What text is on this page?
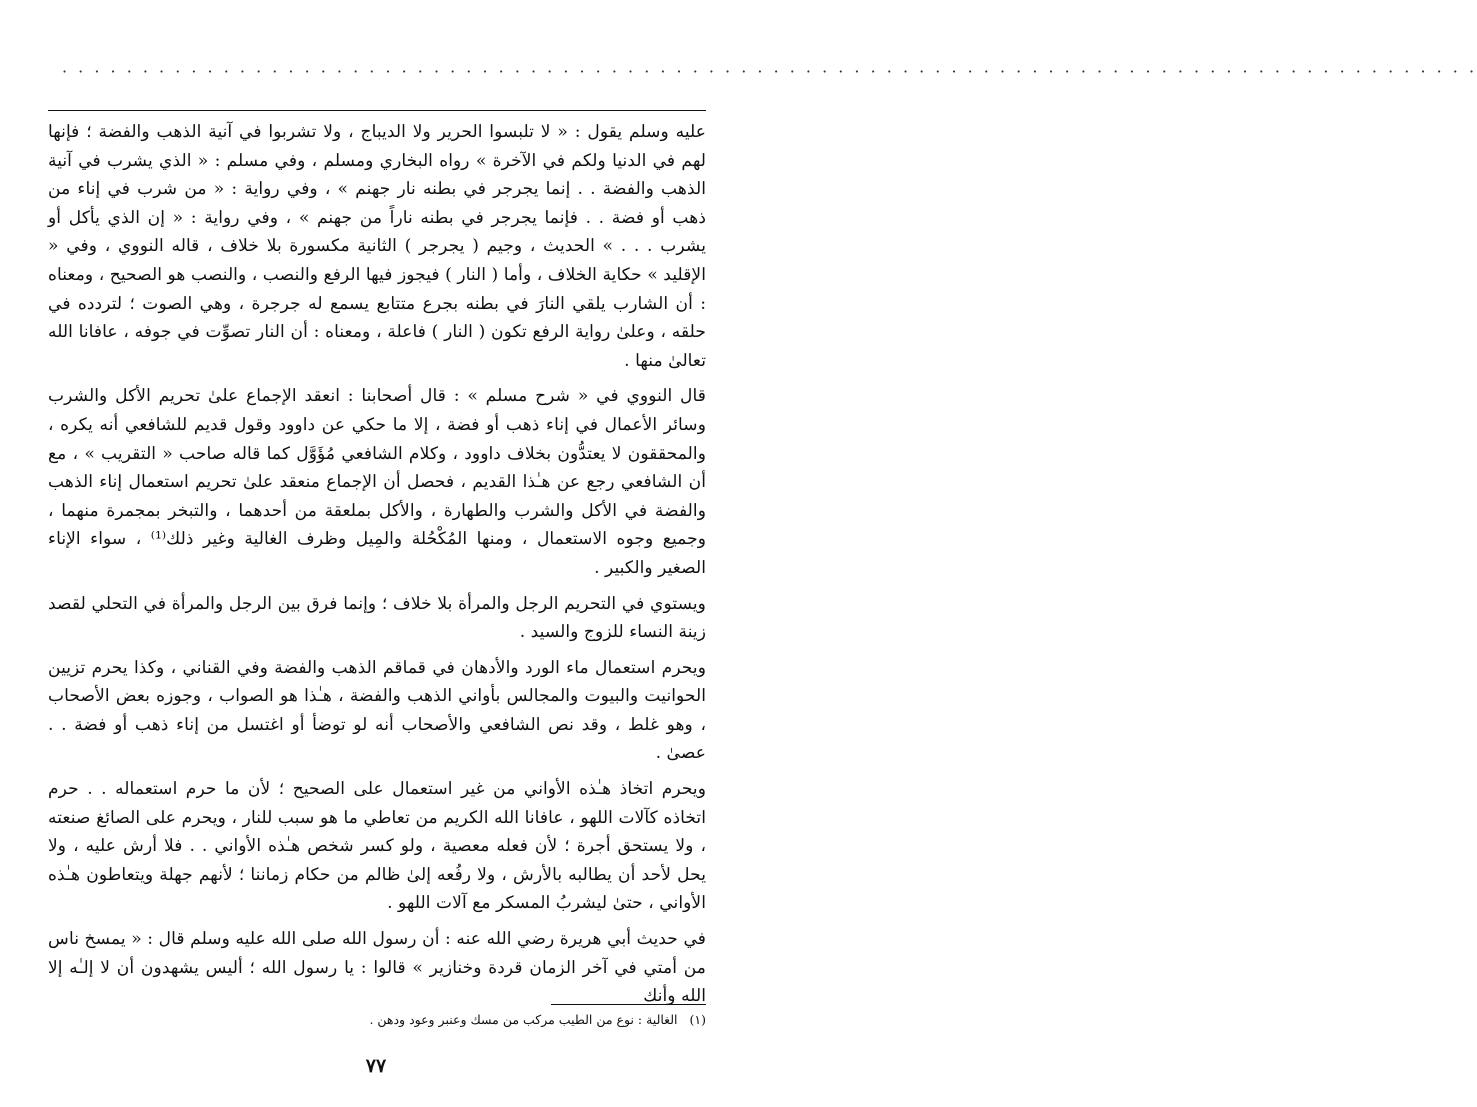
· · · · · · · · · · · · · · · · · · · · · · · · · · · · · · · · · · · · · · · · · · · · · · · · · · · · · · · · · · · · · · · · · · · · · · · · · · · · · · · · · · · · · · · ·

عليه وسلم يقول : « لا تلبسوا الحرير ولا الديباج ، ولا تشربوا في آنية الذهب والفضة ؛ فإنها لهم في الدنيا ولكم في الآخرة » رواه البخاري ومسلم ، وفي مسلم : « الذي يشرب في آنية الذهب والفضة . . إنما يجرجر في بطنه نار جهنم » ، وفي رواية : « من شرب في إناء من ذهب أو فضة . . فإنما يجرجر في بطنه ناراً من جهنم » ، وفي رواية : « إن الذي يأكل أو يشرب . . . » الحديث ، وجيم ( يجرجر ) الثانية مكسورة بلا خلاف ، قاله النووي ، وفي « الإقليد » حكاية الخلاف ، وأما ( النار ) فيجوز فيها الرفع والنصب ، والنصب هو الصحيح ، ومعناه : أن الشارب يلقي النارَ في بطنه بجرع متتابع يسمع له جرجرة ، وهي الصوت ؛ لتردده في حلقه ، وعلىٰ رواية الرفع تكون ( النار ) فاعلة ، ومعناه : أن النار تصوِّت في جوفه ، عافانا الله تعالىٰ منها .

قال النووي في « شرح مسلم » : قال أصحابنا : انعقد الإجماع علىٰ تحريم الأكل والشرب وسائر الأعمال في إناء ذهب أو فضة ، إلا ما حكي عن داوود وقول قديم للشافعي أنه يكره ، والمحققون لا يعتدُّون بخلاف داوود ، وكلام الشافعي مُؤَوَّل كما قاله صاحب « التقريب » ، مع أن الشافعي رجع عن هـٰذا القديم ، فحصل أن الإجماع منعقد علىٰ تحريم استعمال إناء الذهب والفضة في الأكل والشرب والطهارة ، والأكل بملعقة من أحدهما ، والتبخر بمجمرة منهما ، وجميع وجوه الاستعمال ، ومنها المُكْحُلة والمِيل وظرف الغالية وغير ذلك⁽¹⁾ ، سواء الإناء الصغير والكبير .

ويستوي في التحريم الرجل والمرأة بلا خلاف ؛ وإنما فرق بين الرجل والمرأة في التحلي لقصد زينة النساء للزوج والسيد .

ويحرم استعمال ماء الورد والأدهان في قماقم الذهب والفضة وفي القناني ، وكذا يحرم تزيين الحوانيت والبيوت والمجالس بأواني الذهب والفضة ، هـٰذا هو الصواب ، وجوزه بعض الأصحاب ، وهو غلط ، وقد نص الشافعي والأصحاب أنه لو توضأ أو اغتسل من إناء ذهب أو فضة . . عصىٰ .

ويحرم اتخاذ هـٰذه الأواني من غير استعمال على الصحيح ؛ لأن ما حرم استعماله . . حرم اتخاذه كآلات اللهو ، عافانا الله الكريم من تعاطي ما هو سبب للنار ، ويحرم على الصائغ صنعته ، ولا يستحق أجرة ؛ لأن فعله معصية ، ولو كسر شخص هـٰذه الأواني . . فلا أرش عليه ، ولا يحل لأحد أن يطالبه بالأرش ، ولا رفُعه إلىٰ ظالم من حكام زماننا ؛ لأنهم جهلة ويتعاطون هـٰذه الأواني ، حتىٰ ليشربُ المسكر مع آلات اللهو .

في حديث أبي هريرة رضي الله عنه : أن رسول الله صلى الله عليه وسلم قال : « يمسخ ناس من أمتي في آخر الزمان قردة وخنازير » قالوا : يا رسول الله ؛ أليس يشهدون أن لا إلـٰه إلا الله وأنك

(١)الغالية : نوع من الطيب مركب من مسك وعنبر وعود ودهن .
٧٧
